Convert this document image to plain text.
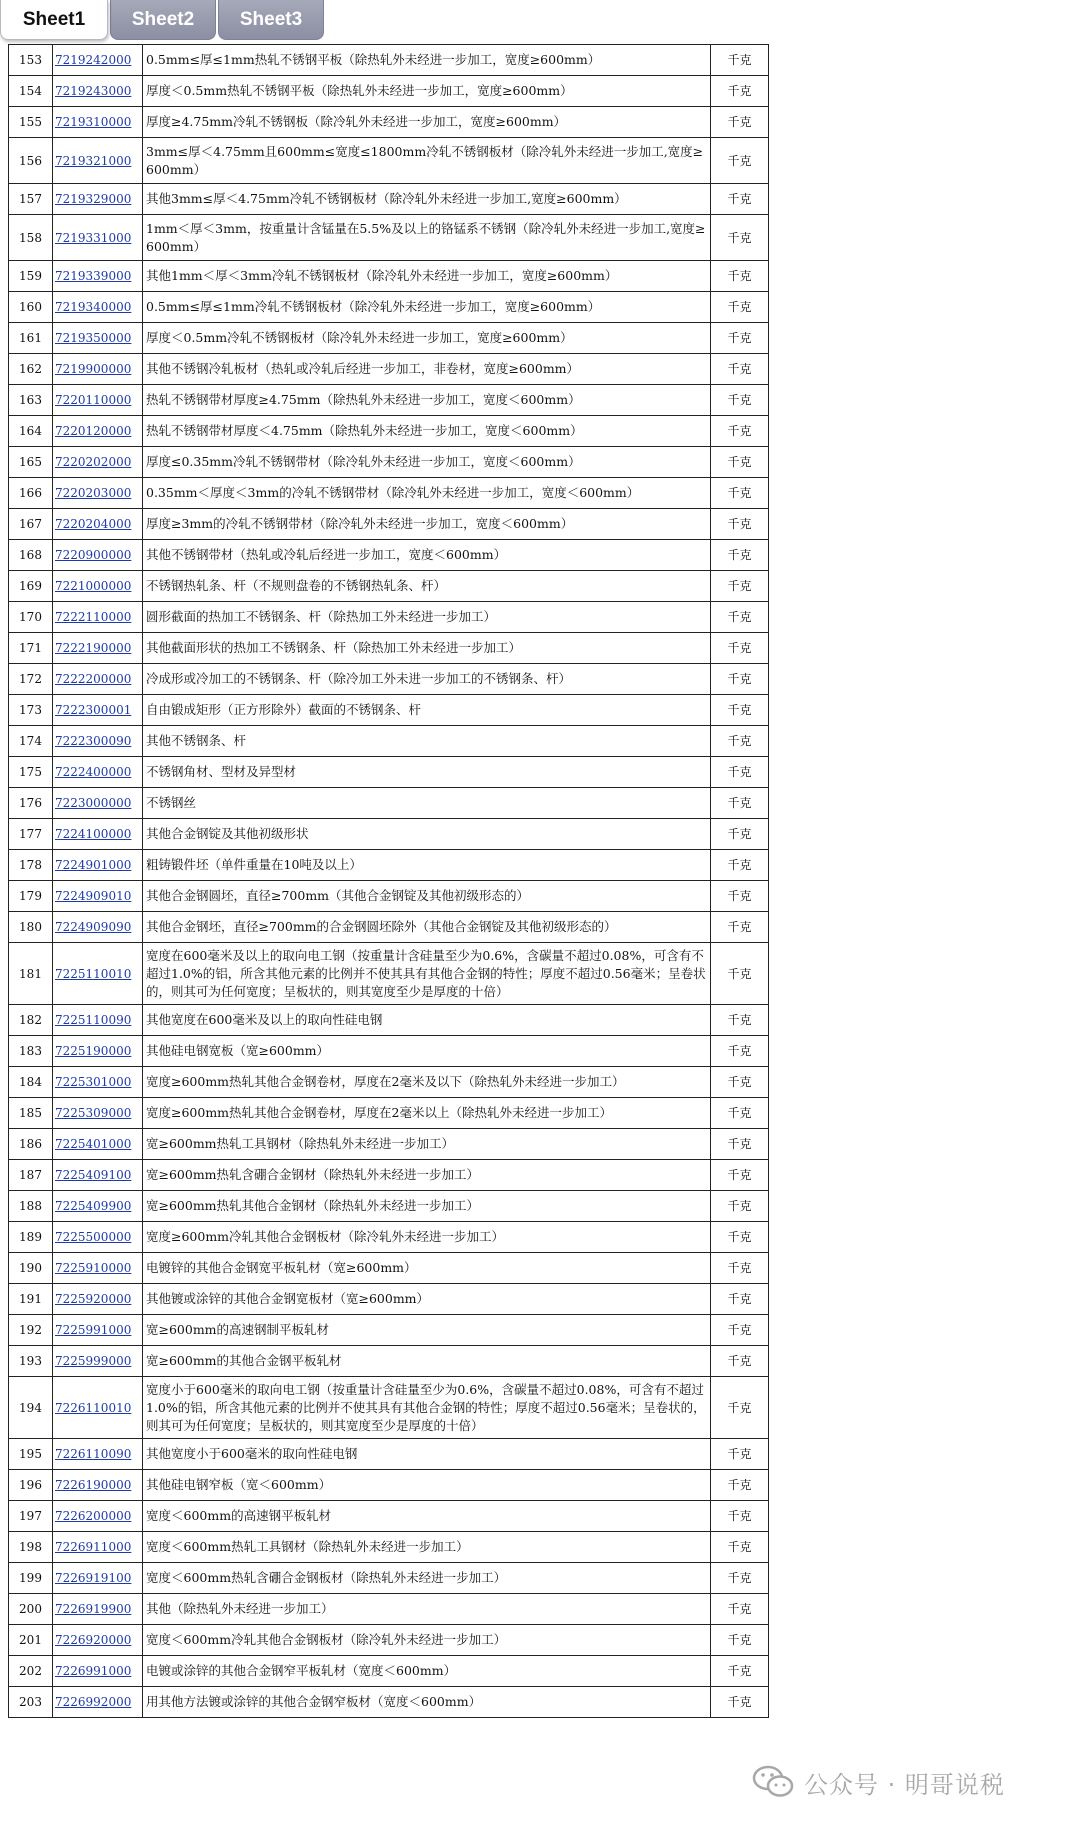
Sheet1	Sheet2	Sheet3
153	7219242000	0.5mm≤厚≤1mm热轧不锈钢平板（除热轧外未经进一步加工，宽度≥600mm）	千克
154	7219243000	厚度＜0.5mm热轧不锈钢平板（除热轧外未经进一步加工，宽度≥600mm）	千克
155	7219310000	厚度≥4.75mm冷轧不锈钢板（除冷轧外未经进一步加工，宽度≥600mm）	千克
156	7219321000	3mm≤厚＜4.75mm且600mm≤宽度≤1800mm冷轧不锈钢板材（除冷轧外未经进一步加工,宽度≥600mm）	千克
157	7219329000	其他3mm≤厚＜4.75mm冷轧不锈钢板材（除冷轧外未经进一步加工,宽度≥600mm）	千克
158	7219331000	1mm＜厚＜3mm，按重量计含锰量在5.5%及以上的铬锰系不锈钢（除冷轧外未经进一步加工,宽度≥600mm）	千克
159	7219339000	其他1mm＜厚＜3mm冷轧不锈钢板材（除冷轧外未经进一步加工，宽度≥600mm）	千克
160	7219340000	0.5mm≤厚≤1mm冷轧不锈钢板材（除冷轧外未经进一步加工，宽度≥600mm）	千克
161	7219350000	厚度＜0.5mm冷轧不锈钢板材（除冷轧外未经进一步加工，宽度≥600mm）	千克
162	7219900000	其他不锈钢冷轧板材（热轧或冷轧后经进一步加工，非卷材，宽度≥600mm）	千克
163	7220110000	热轧不锈钢带材厚度≥4.75mm（除热轧外未经进一步加工，宽度＜600mm）	千克
164	7220120000	热轧不锈钢带材厚度＜4.75mm（除热轧外未经进一步加工，宽度＜600mm）	千克
165	7220202000	厚度≤0.35mm冷轧不锈钢带材（除冷轧外未经进一步加工，宽度＜600mm）	千克
166	7220203000	0.35mm＜厚度＜3mm的冷轧不锈钢带材（除冷轧外未经进一步加工，宽度＜600mm）	千克
167	7220204000	厚度≥3mm的冷轧不锈钢带材（除冷轧外未经进一步加工，宽度＜600mm）	千克
168	7220900000	其他不锈钢带材（热轧或冷轧后经进一步加工，宽度＜600mm）	千克
169	7221000000	不锈钢热轧条、杆（不规则盘卷的不锈钢热轧条、杆）	千克
170	7222110000	圆形截面的热加工不锈钢条、杆（除热加工外未经进一步加工）	千克
171	7222190000	其他截面形状的热加工不锈钢条、杆（除热加工外未经进一步加工）	千克
172	7222200000	冷成形或冷加工的不锈钢条、杆（除冷加工外未进一步加工的不锈钢条、杆）	千克
173	7222300001	自由锻成矩形（正方形除外）截面的不锈钢条、杆	千克
174	7222300090	其他不锈钢条、杆	千克
175	7222400000	不锈钢角材、型材及异型材	千克
176	7223000000	不锈钢丝	千克
177	7224100000	其他合金钢锭及其他初级形状	千克
178	7224901000	粗铸锻件坯（单件重量在10吨及以上）	千克
179	7224909010	其他合金钢圆坯，直径≥700mm（其他合金钢锭及其他初级形态的）	千克
180	7224909090	其他合金钢坯，直径≥700mm的合金钢圆坯除外（其他合金钢锭及其他初级形态的）	千克
181	7225110010	宽度在600毫米及以上的取向电工钢（按重量计含硅量至少为0.6%，含碳量不超过0.08%，可含有不超过1.0%的铝，所含其他元素的比例并不使其具有其他合金钢的特性；厚度不超过0.56毫米；呈卷状的，则其可为任何宽度；呈板状的，则其宽度至少是厚度的十倍）	千克
182	7225110090	其他宽度在600毫米及以上的取向性硅电钢	千克
183	7225190000	其他硅电钢宽板（宽≥600mm）	千克
184	7225301000	宽度≥600mm热轧其他合金钢卷材，厚度在2毫米及以下（除热轧外未经进一步加工）	千克
185	7225309000	宽度≥600mm热轧其他合金钢卷材，厚度在2毫米以上（除热轧外未经进一步加工）	千克
186	7225401000	宽≥600mm热轧工具钢材（除热轧外未经进一步加工）	千克
187	7225409100	宽≥600mm热轧含硼合金钢材（除热轧外未经进一步加工）	千克
188	7225409900	宽≥600mm热轧其他合金钢材（除热轧外未经进一步加工）	千克
189	7225500000	宽度≥600mm冷轧其他合金钢板材（除冷轧外未经进一步加工）	千克
190	7225910000	电镀锌的其他合金钢宽平板轧材（宽≥600mm）	千克
191	7225920000	其他镀或涂锌的其他合金钢宽板材（宽≥600mm）	千克
192	7225991000	宽≥600mm的高速钢制平板轧材	千克
193	7225999000	宽≥600mm的其他合金钢平板轧材	千克
194	7226110010	宽度小于600毫米的取向电工钢（按重量计含硅量至少为0.6%，含碳量不超过0.08%，可含有不超过1.0%的铝，所含其他元素的比例并不使其具有其他合金钢的特性；厚度不超过0.56毫米；呈卷状的，则其可为任何宽度；呈板状的，则其宽度至少是厚度的十倍）	千克
195	7226110090	其他宽度小于600毫米的取向性硅电钢	千克
196	7226190000	其他硅电钢窄板（宽＜600mm）	千克
197	7226200000	宽度＜600mm的高速钢平板轧材	千克
198	7226911000	宽度＜600mm热轧工具钢材（除热轧外未经进一步加工）	千克
199	7226919100	宽度＜600mm热轧含硼合金钢板材（除热轧外未经进一步加工）	千克
200	7226919900	其他（除热轧外未经进一步加工）	千克
201	7226920000	宽度＜600mm冷轧其他合金钢板材（除冷轧外未经进一步加工）	千克
202	7226991000	电镀或涂锌的其他合金钢窄平板轧材（宽度＜600mm）	千克
203	7226992000	用其他方法镀或涂锌的其他合金钢窄板材（宽度＜600mm）	千克
公众号 · 明哥说税
